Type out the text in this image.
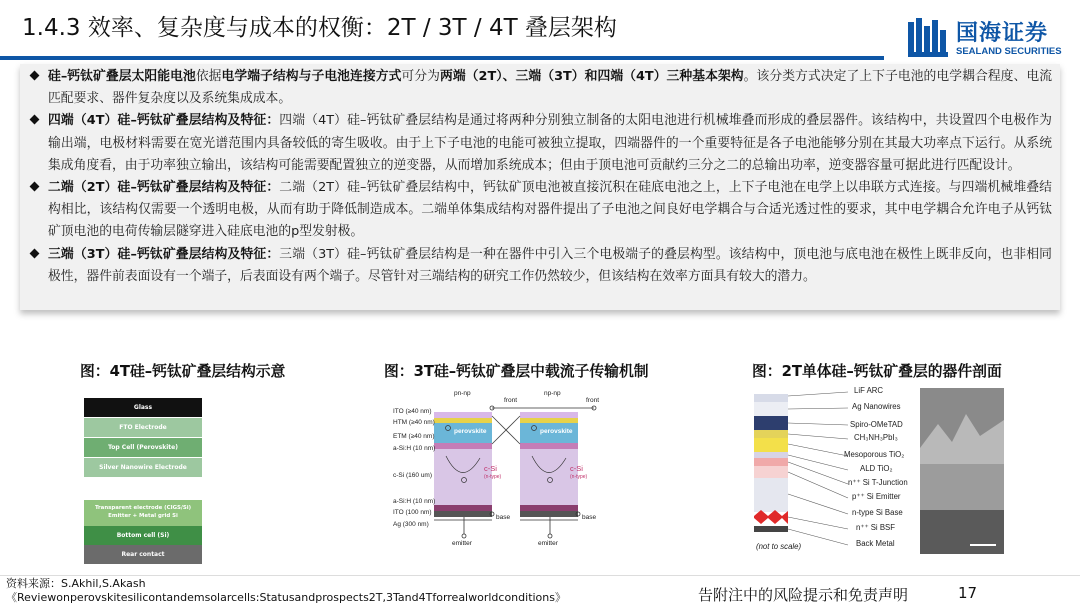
1.4.3 效率、复杂度与成本的权衡：2T / 3T / 4T 叠层架构	国海证券
SEALAND SECURITIES
硅–钙钛矿叠层太阳能电池依据电学端子结构与子电池连接方式可分为两端（2T）、三端（3T）和四端（4T）三种基本架构。该分类方式决定了上下子电池的电学耦合程度、电流匹配要求、器件复杂度以及系统集成成本。
四端（4T）硅–钙钛矿叠层结构及特征：四端（4T）硅–钙钛矿叠层结构是通过将两种分别独立制备的太阳电池进行机械堆叠而形成的叠层器件。该结构中，共设置四个电极作为输出端，电极材料需要在宽光谱范围内具备较低的寄生吸收。由于上下子电池的电能可被独立提取，四端器件的一个重要特征是各子电池能够分别在其最大功率点下运行。从系统集成角度看，由于功率独立输出，该结构可能需要配置独立的逆变器，从而增加系统成本；但由于顶电池可贡献约三分之二的总输出功率，逆变器容量可据此进行匹配设计。
二端（2T）硅–钙钛矿叠层结构及特征：二端（2T）硅–钙钛矿叠层结构中，钙钛矿顶电池被直接沉积在硅底电池之上，上下子电池在电学上以串联方式连接。与四端机械堆叠结构相比，该结构仅需要一个透明电极，从而有助于降低制造成本。二端单体集成结构对器件提出了子电池之间良好电学耦合与合适光透过性的要求，其中电学耦合允许电子从钙钛矿顶电池的电荷传输层隧穿进入硅底电池的p型发射极。
三端（3T）硅–钙钛矿叠层结构及特征：三端（3T）硅–钙钛矿叠层结构是一种在器件中引入三个电极端子的叠层构型。该结构中，顶电池与底电池在极性上既非反向，也非相同极性，器件前表面设有一个端子，后表面设有两个端子。尽管针对三端结构的研究工作仍然较少，但该结构在效率方面具有较大的潜力。
图：4T硅–钙钛矿叠层结构示意	图：3T硅–钙钛矿叠层中载流子传输机制	图：2T单体硅–钙钛矿叠层的器件剖面
Glass
FTO Electrode
Top Cell (Perovskite)
Silver Nanowire Electrode
Transparent electrode (CIGS/Si) Emitter + Metal grid Si
Bottom cell (Si)
Rear contact
ITO (≥40 nm)
HTM (≥40 nm)
ETM (≥40 nm)
a-Si:H (10 nm)
c-Si (160 um)
a-Si:H (10 nm)
ITO (100 nm)
Ag (300 nm)
pn-np	np-np
front	front
perovskite	perovskite
c-Si	c-Si
(n-type)	(n-type)
base	base
emitter	emitter
LiF ARC
Ag Nanowires
Spiro-OMeTAD
CH₃NH₃PbI₃
Mesoporous TiO₂
ALD TiO₂
n⁺⁺ Si T-Junction
p⁺⁺ Si Emitter
n-type Si Base
n⁺⁺ Si BSF
Back Metal
(not to scale)
资料来源：S.Akhil,S.Akash
《Reviewonperovskitesilicontandemsolarcells:Statusandprospects2T,3Tand4Tforrealworldconditions》	告附注中的风险提示和免责声明	17
